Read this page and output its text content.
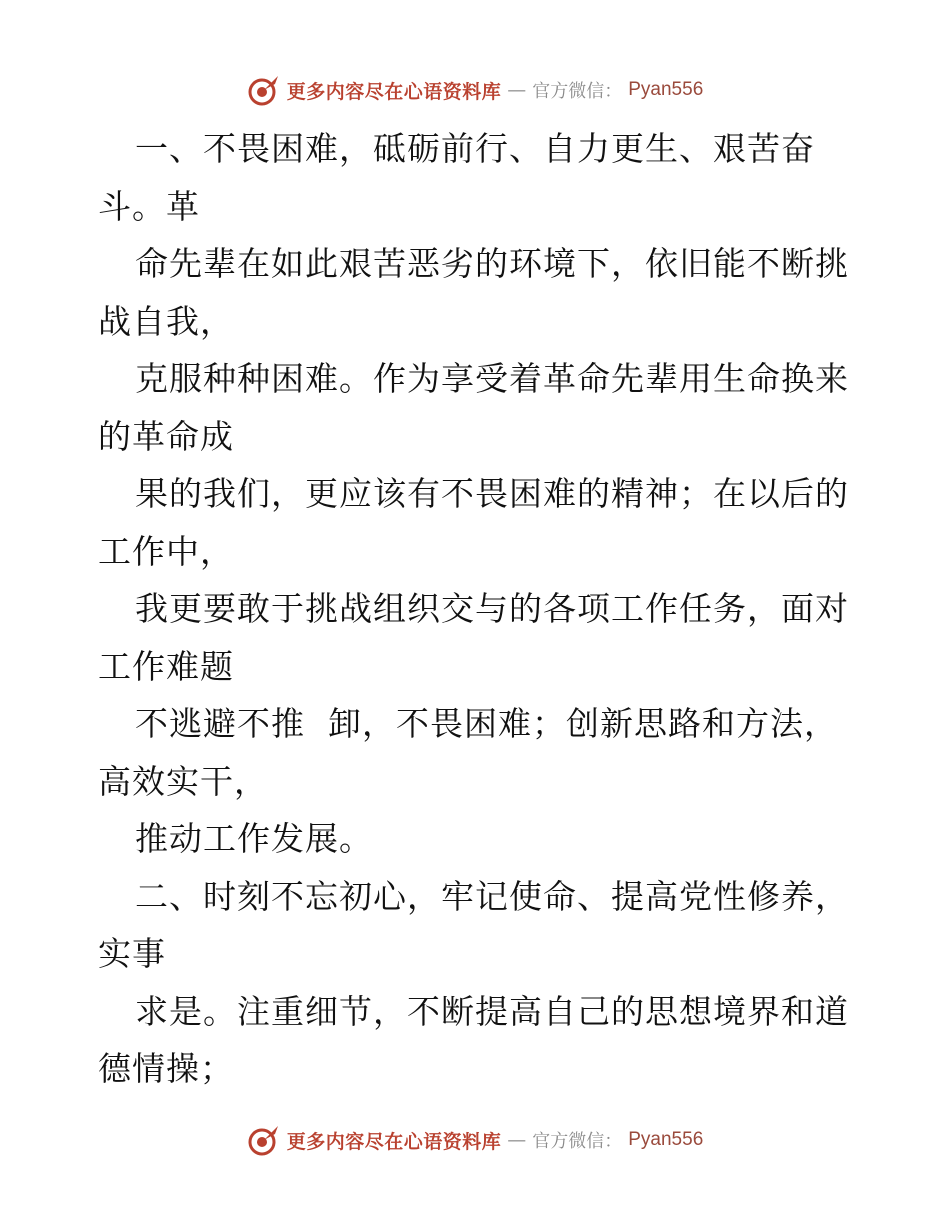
更多内容尽在心语资料库 — 官方微信： Pyan556
一、不畏困难，砥砺前行、自力更生、艰苦奋
斗。革
命先辈在如此艰苦恶劣的环境下，依旧能不断挑
战自我，
克服种种困难。作为享受着革命先辈用生命换来
的革命成
果的我们，更应该有不畏困难的精神；在以后的
工作中，
我更要敢于挑战组织交与的各项工作任务，面对
工作难题
不逃避不推  卸，不畏困难；创新思路和方法，
高效实干，
推动工作发展。
二、时刻不忘初心，牢记使命、提高党性修养，
实事
求是。注重细节，不断提高自己的思想境界和道
德情操；
更多内容尽在心语资料库 — 官方微信： Pyan556
